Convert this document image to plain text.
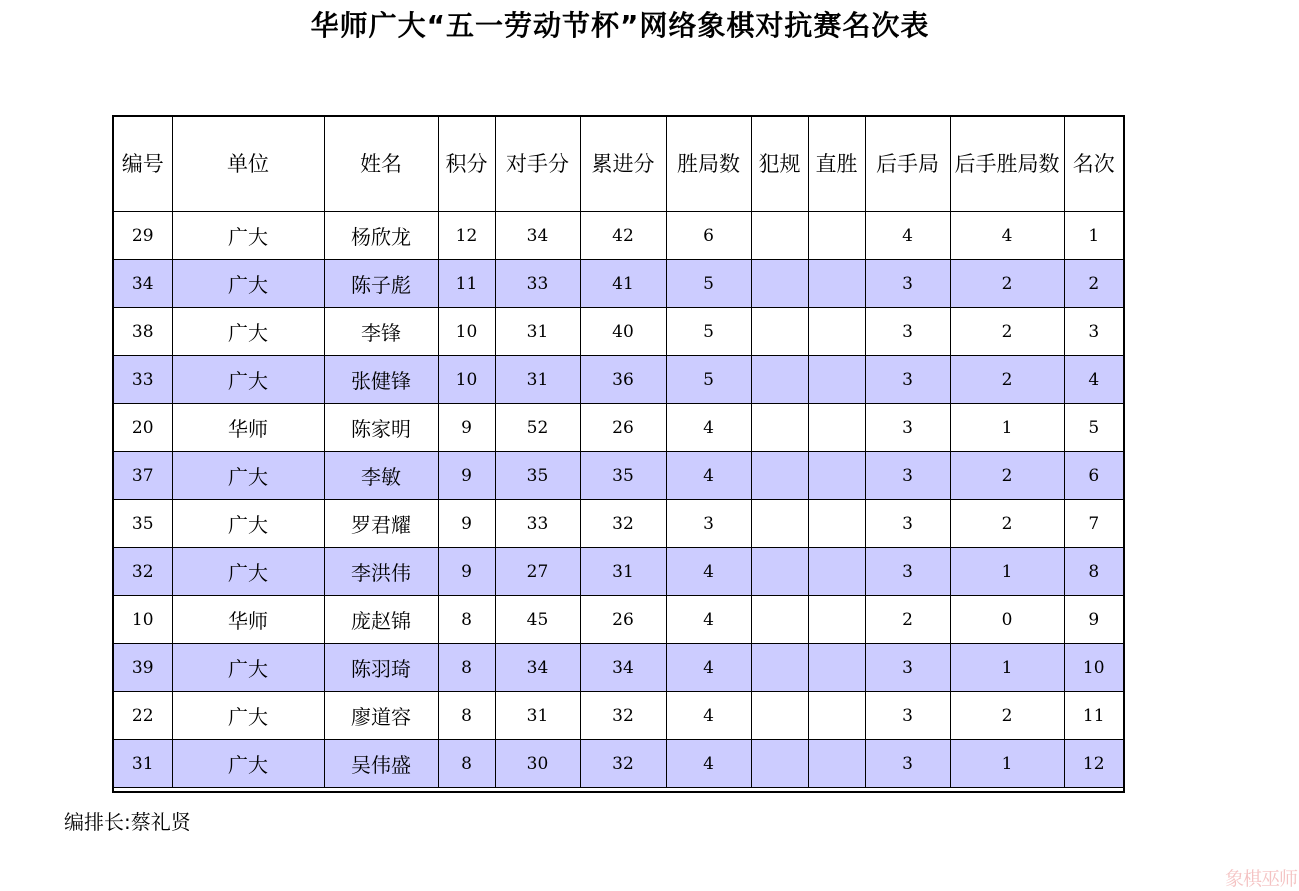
华师广大“五一劳动节杯”网络象棋对抗赛名次表
编号	单位	姓名	积分	对手分	累进分	胜局数	犯规	直胜	后手局	后手胜局数	名次
29	广大	杨欣龙	12	34	42	6			4	4	1
34	广大	陈子彪	11	33	41	5			3	2	2
38	广大	李锋	10	31	40	5			3	2	3
33	广大	张健锋	10	31	36	5			3	2	4
20	华师	陈家明	9	52	26	4			3	1	5
37	广大	李敏	9	35	35	4			3	2	6
35	广大	罗君耀	9	33	32	3			3	2	7
32	广大	李洪伟	9	27	31	4			3	1	8
10	华师	庞赵锦	8	45	26	4			2	0	9
39	广大	陈羽琦	8	34	34	4			3	1	10
22	广大	廖道容	8	31	32	4			3	2	11
31	广大	吴伟盛	8	30	32	4			3	1	12
编排长:蔡礼贤
象棋巫师
